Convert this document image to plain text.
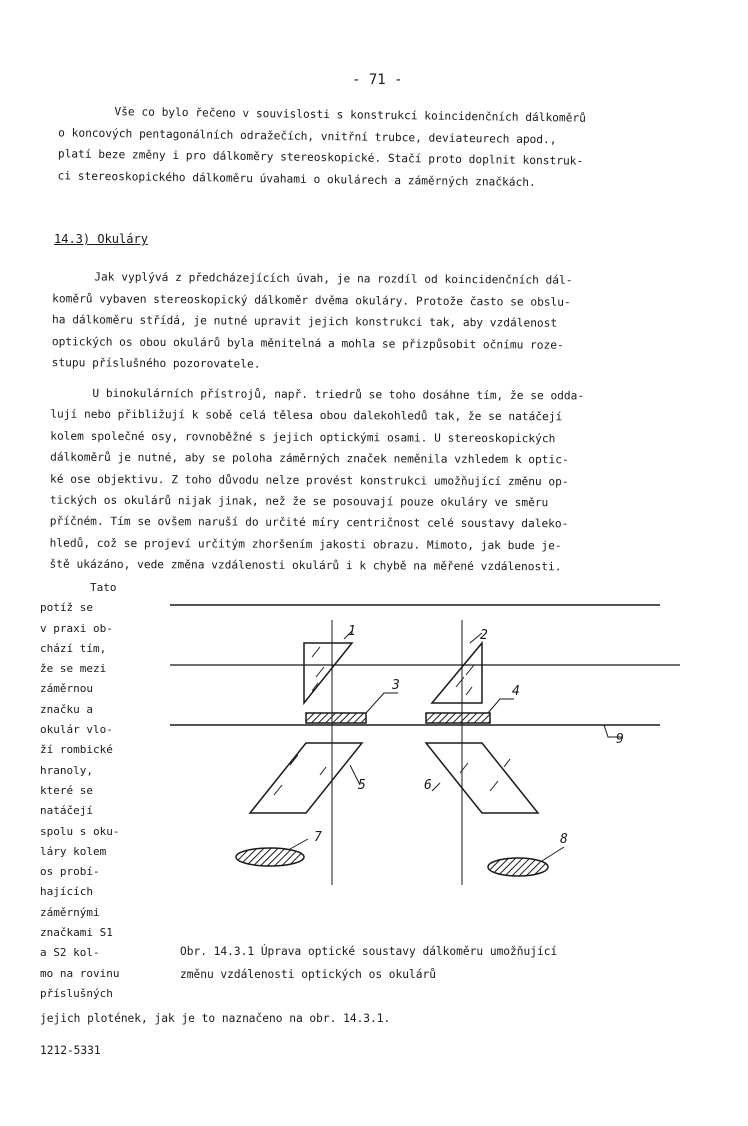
- 71 -
Vše co bylo řečeno v souvislosti s konstrukcí koincidenčních dálkoměrů
o koncových pentagonálních odražečích, vnitřní trubce, deviateurech apod.,
platí beze změny i pro dálkoměry stereoskopické. Stačí proto doplnit konstruk-
ci stereoskopického dálkoměru úvahami o okulárech a záměrných značkách.
14.3) Okuláry
Jak vyplývá z předcházejících úvah, je na rozdíl od koincidenčních dál-
koměrů vybaven stereoskopický dálkoměr dvěma okuláry. Protože často se obslu-
ha dálkoměru střídá, je nutné upravit jejich konstrukci tak, aby vzdálenost
optických os obou okulárů byla měnitelná a mohla se přizpůsobit očnímu roze-
stupu příslušného pozorovatele.
U binokulárních přístrojů, např. triedrů se toho dosáhne tím, že se odda-
lují nebo přibližují k sobě celá tělesa obou dalekohledů tak, že se natáčejí
kolem společné osy, rovnoběžné s jejich optickými osami. U stereoskopických
dálkoměrů je nutné, aby se poloha záměrných značek neměnila vzhledem k optic-
ké ose objektivu. Z toho důvodu nelze provést konstrukci umožňující změnu op-
tických os okulárů nijak jinak, než že se posouvají pouze okuláry ve směru
příčném. Tím se ovšem naruší do určité míry centričnost celé soustavy daleko-
hledů, což se projeví určitým zhoršením jakosti obrazu. Mimoto, jak bude je-
ště ukázáno, vede změna vzdálenosti okulárů i k chybě na měřené vzdálenosti.
Tato
potíž se
v praxi ob-
chází tím,
že se mezi
záměrnou
značku a
okulár vlo-
ží rombické
hranoly,
které se
natáčejí
spolu s oku-
láry kolem
os probí-
hajících
záměrnými
značkami S1
a S2 kol-
mo na rovinu
příslušných
1	2
3	4
5	6
7	8
9
Obr. 14.3.1 Úprava optické soustavy dálkoměru umožňující
změnu vzdálenosti optických os okulárů
jejich plotének, jak je to naznačeno na obr. 14.3.1.
1212-5331
